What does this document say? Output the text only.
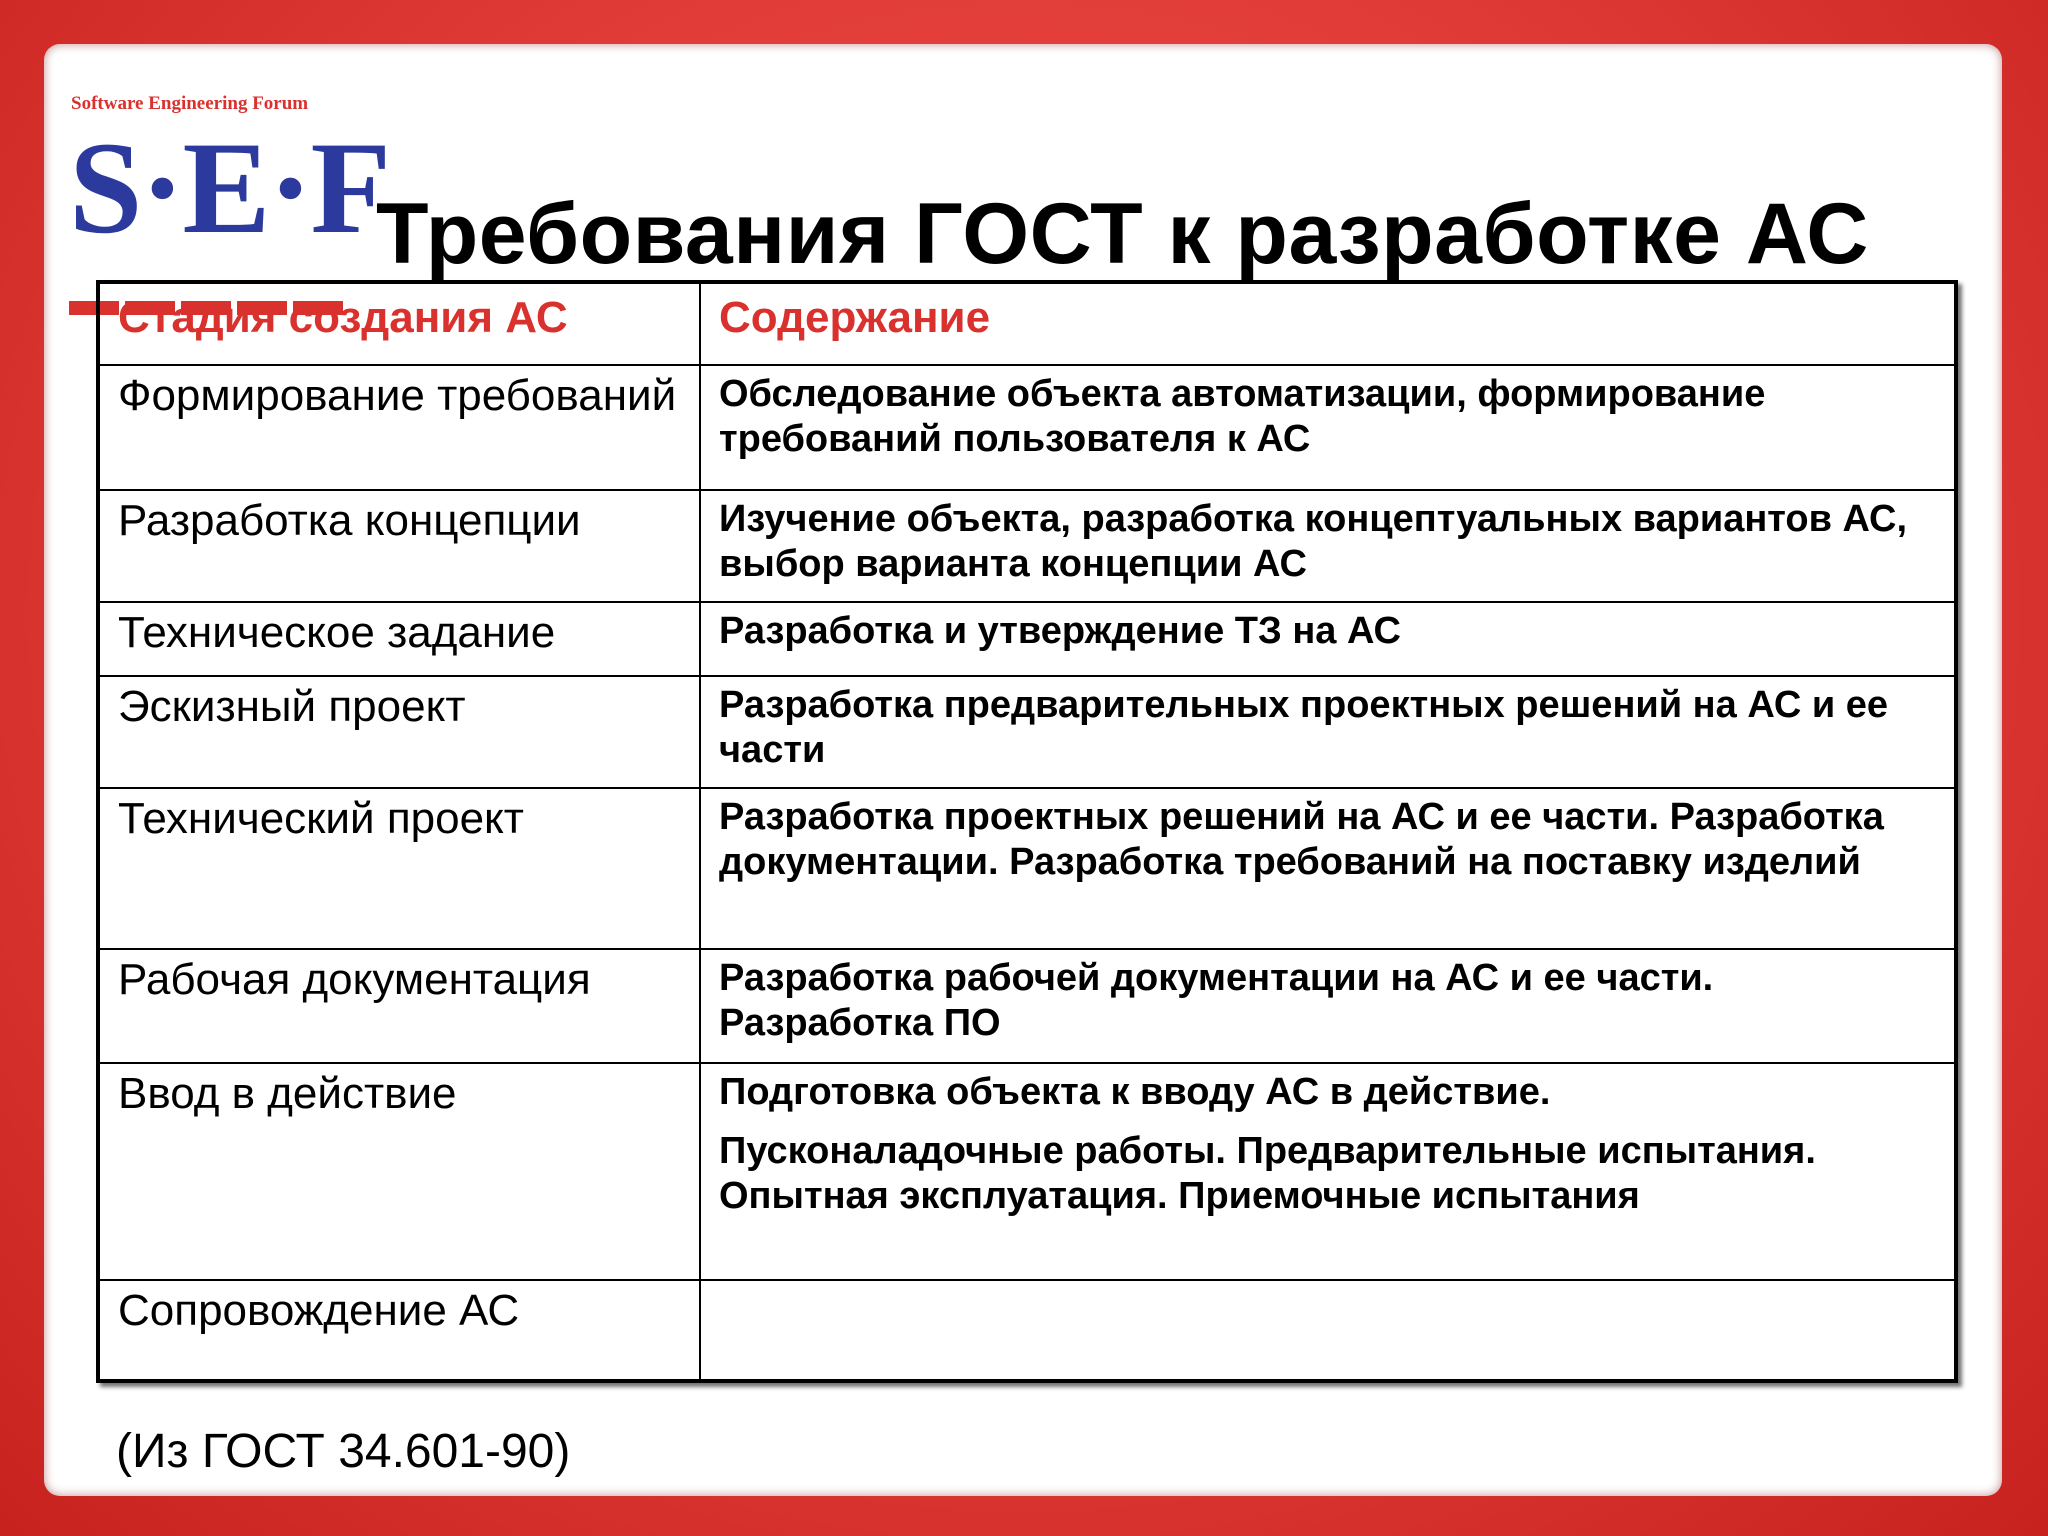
Software Engineering Forum
S·E·F
Требования ГОСТ к разработке АС
Стадия создания АС	Содержание
Формирование требований	Обследование объекта автоматизации, формирование требований пользователя к АС

Разработка концепции	Изучение объекта, разработка концептуальных вариантов АС, выбор варианта концепции АС

Техническое задание	Разработка и утверждение ТЗ на АС

Эскизный проект	Разработка предварительных проектных решений на АС и ее части

Технический проект	Разработка проектных решений на АС и ее части. Разработка документации. Разработка требований на поставку изделий

Рабочая документация	Разработка рабочей документации на АС и ее части. Разработка ПО

Ввод в действие	Подготовка объекта к вводу АС в действие.

Пусконаладочные работы. Предварительные испытания. Опытная эксплуатация. Приемочные испытания

Сопровождение АС	

(Из ГОСТ 34.601-90)
